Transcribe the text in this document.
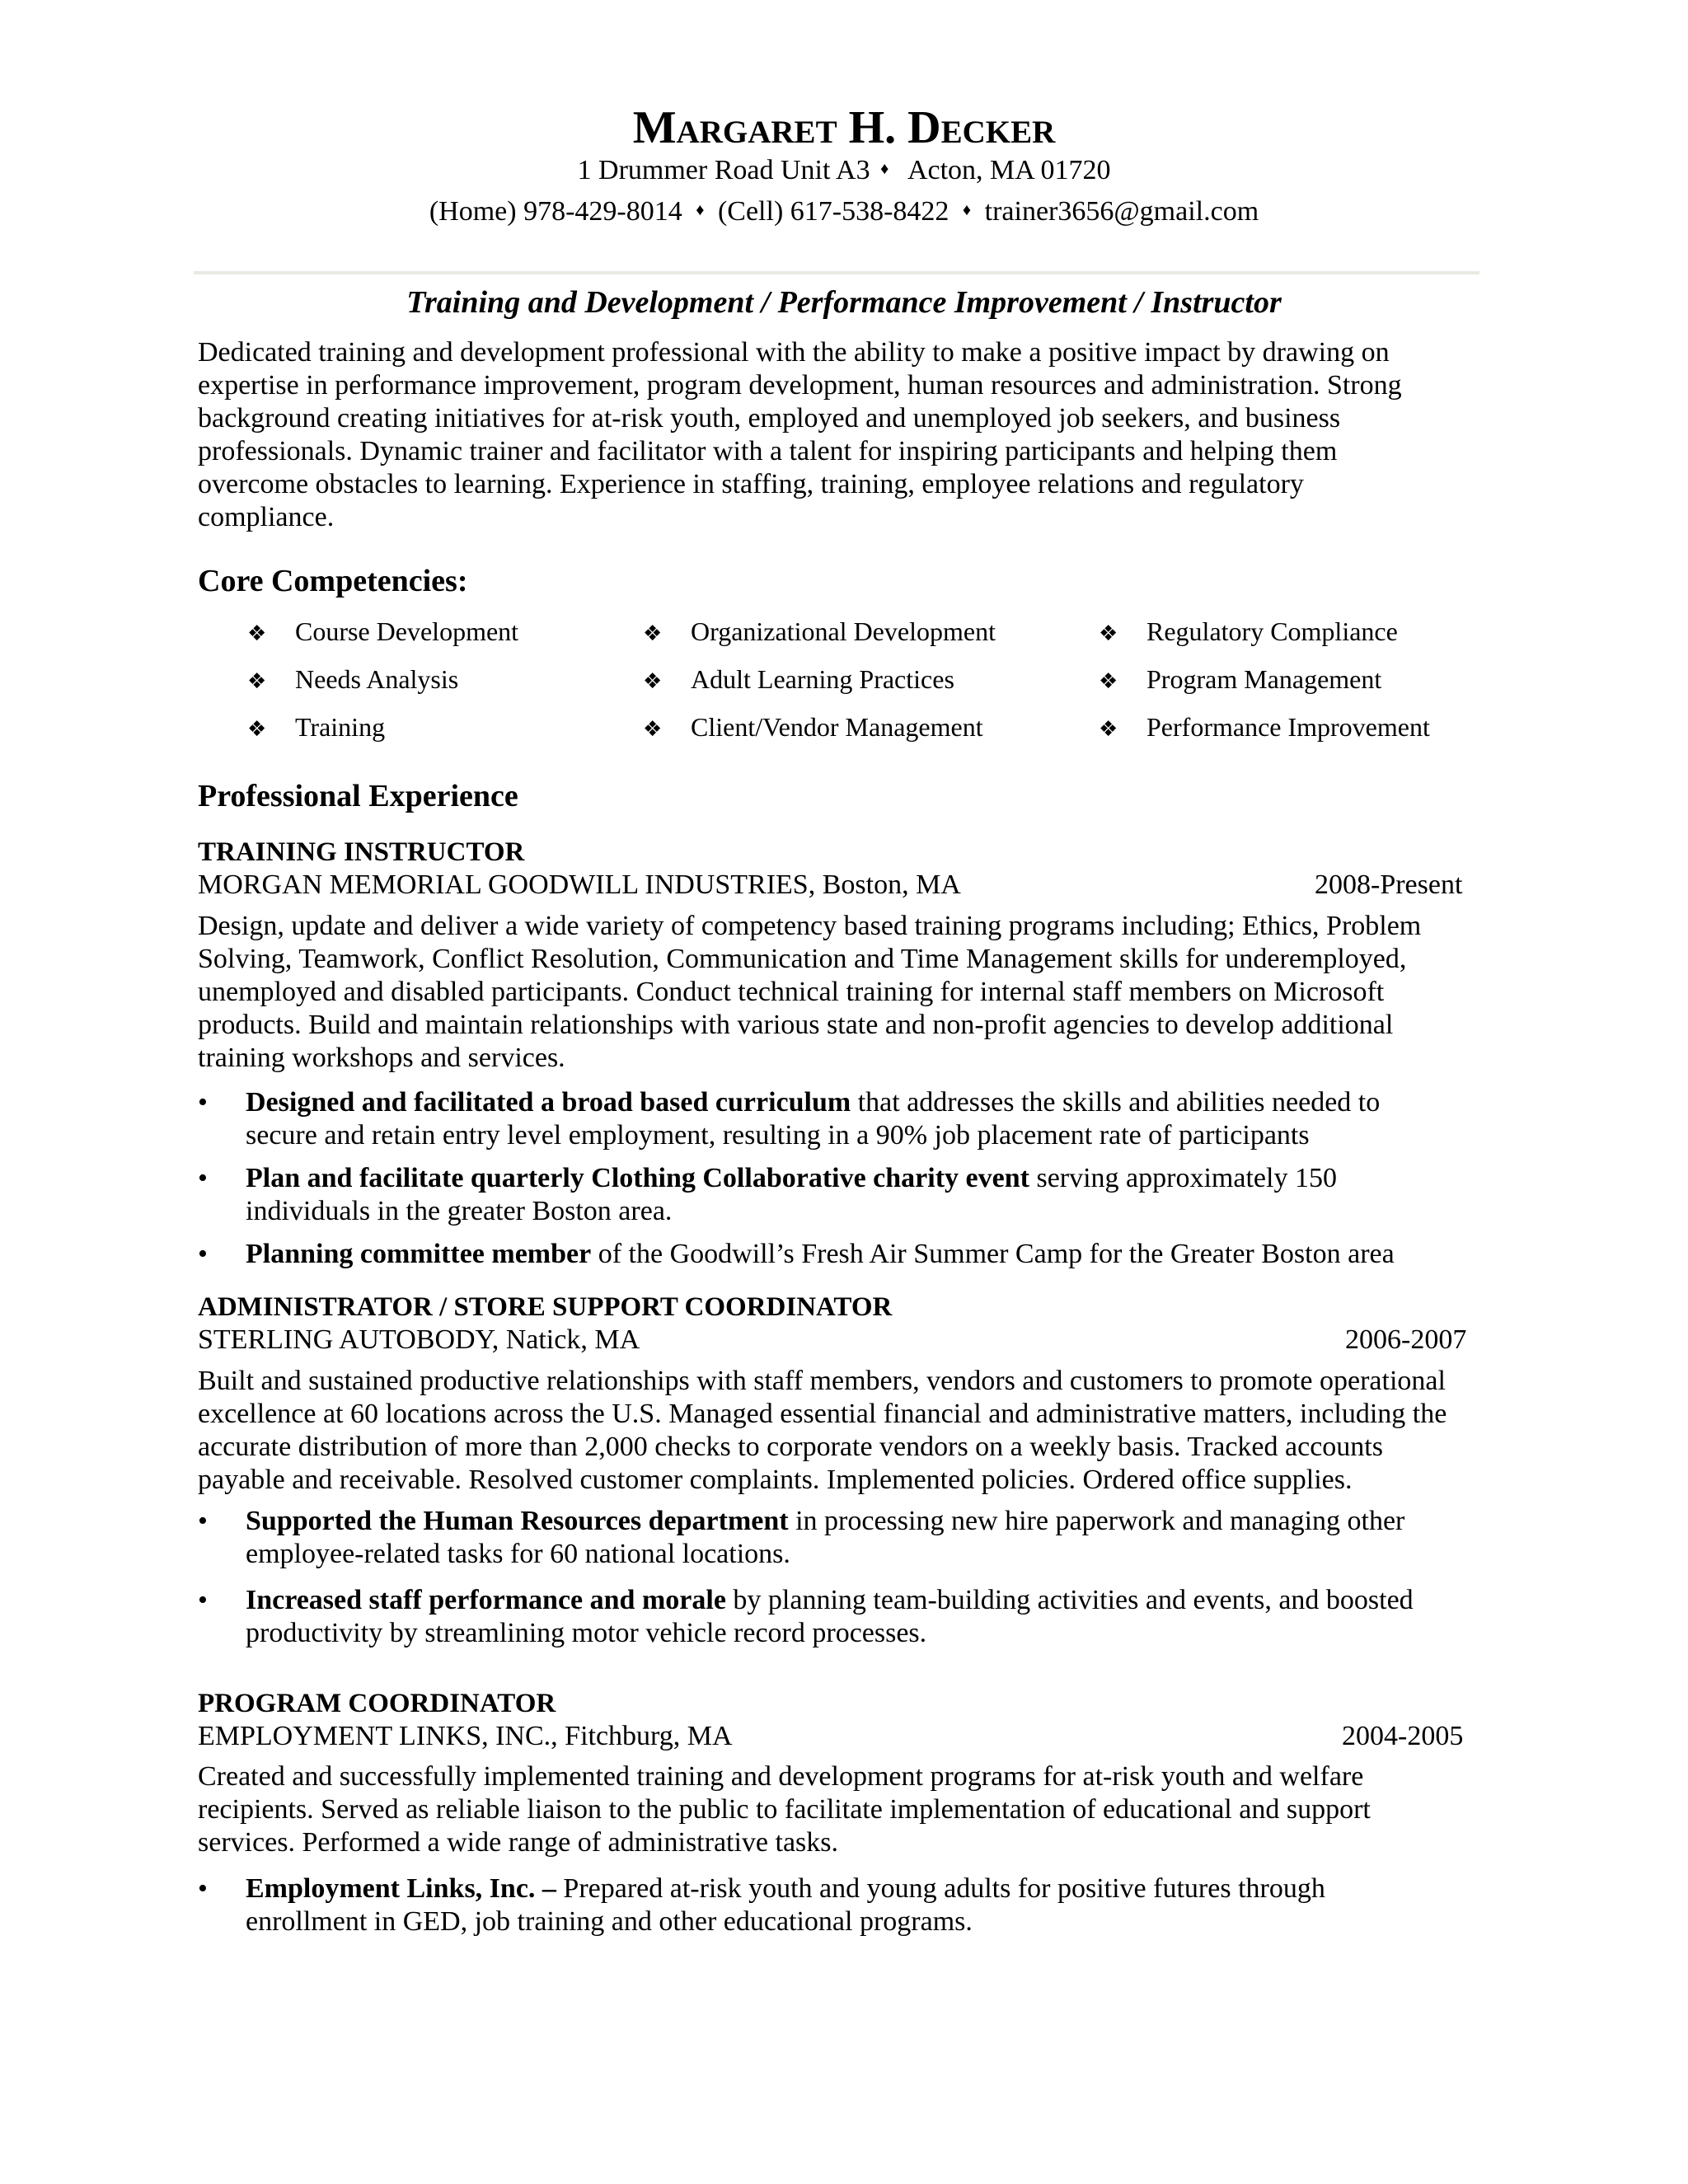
Margaret H. Decker
1 Drummer Road Unit A3 ♦ Acton, MA 01720
(Home) 978-429-8014 ♦ (Cell) 617-538-8422 ♦ trainer3656@gmail.com
Training and Development / Performance Improvement / Instructor
Dedicated training and development professional with the ability to make a positive impact by drawing on
expertise in performance improvement, program development, human resources and administration. Strong
background creating initiatives for at-risk youth, employed and unemployed job seekers, and business
professionals. Dynamic trainer and facilitator with a talent for inspiring participants and helping them
overcome obstacles to learning. Experience in staffing, training, employee relations and regulatory
compliance.
Core Competencies:
❖ Course Development	❖ Organizational Development	❖ Regulatory Compliance
❖ Needs Analysis	❖ Adult Learning Practices	❖ Program Management
❖ Training	❖ Client/Vendor Management	❖ Performance Improvement
Professional Experience
TRAINING INSTRUCTOR
MORGAN MEMORIAL GOODWILL INDUSTRIES, Boston, MA	2008-Present
Design, update and deliver a wide variety of competency based training programs including; Ethics, Problem
Solving, Teamwork, Conflict Resolution, Communication and Time Management skills for underemployed,
unemployed and disabled participants. Conduct technical training for internal staff members on Microsoft
products. Build and maintain relationships with various state and non-profit agencies to develop additional
training workshops and services.
•	Designed and facilitated a broad based curriculum that addresses the skills and abilities needed to
secure and retain entry level employment, resulting in a 90% job placement rate of participants
•	Plan and facilitate quarterly Clothing Collaborative charity event serving approximately 150
individuals in the greater Boston area.
•	Planning committee member of the Goodwill’s Fresh Air Summer Camp for the Greater Boston area
ADMINISTRATOR / STORE SUPPORT COORDINATOR
STERLING AUTOBODY, Natick, MA	2006-2007
Built and sustained productive relationships with staff members, vendors and customers to promote operational
excellence at 60 locations across the U.S. Managed essential financial and administrative matters, including the
accurate distribution of more than 2,000 checks to corporate vendors on a weekly basis. Tracked accounts
payable and receivable. Resolved customer complaints. Implemented policies. Ordered office supplies.
•	Supported the Human Resources department in processing new hire paperwork and managing other
employee-related tasks for 60 national locations.
•	Increased staff performance and morale by planning team-building activities and events, and boosted
productivity by streamlining motor vehicle record processes.
PROGRAM COORDINATOR
EMPLOYMENT LINKS, INC., Fitchburg, MA	2004-2005
Created and successfully implemented training and development programs for at-risk youth and welfare
recipients. Served as reliable liaison to the public to facilitate implementation of educational and support
services. Performed a wide range of administrative tasks.
•	Employment Links, Inc. – Prepared at-risk youth and young adults for positive futures through
enrollment in GED, job training and other educational programs.
